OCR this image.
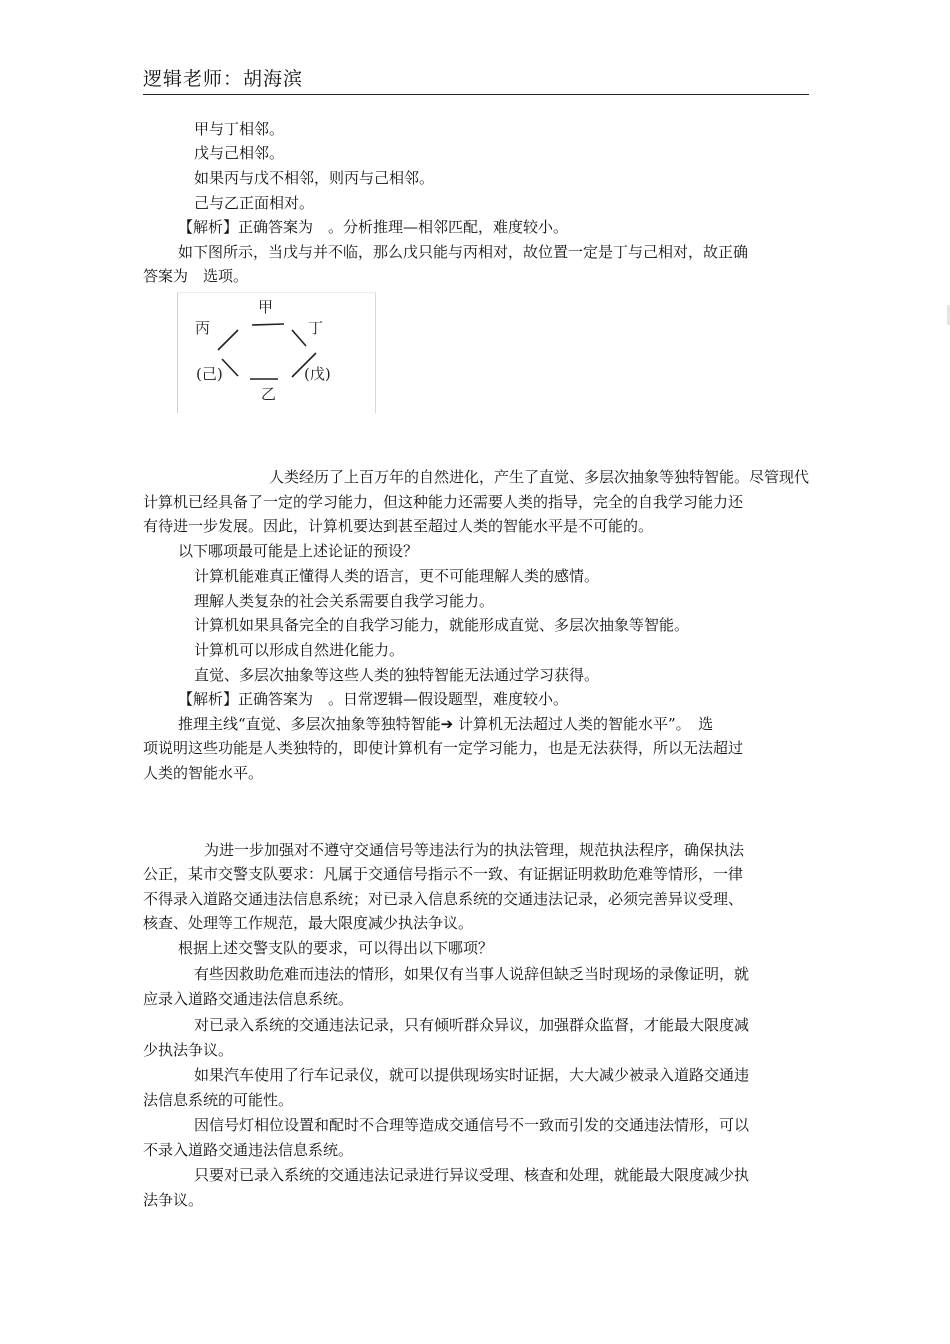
逻辑老师：胡海滨
甲与丁相邻。
戊与己相邻。
如果丙与戊不相邻，则丙与己相邻。
己与乙正面相对。
【解析】正确答案为　。分析推理—相邻匹配，难度较小。
如下图所示，当戊与并不临，那么戊只能与丙相对，故位置一定是丁与己相对，故正确
答案为　选项。
甲
丙	丁
(己)	(戊)
乙
人类经历了上百万年的自然进化，产生了直觉、多层次抽象等独特智能。尽管现代
计算机已经具备了一定的学习能力，但这种能力还需要人类的指导，完全的自我学习能力还
有待进一步发展。因此，计算机要达到甚至超过人类的智能水平是不可能的。
以下哪项最可能是上述论证的预设？
计算机能难真正懂得人类的语言，更不可能理解人类的感情。
理解人类复杂的社会关系需要自我学习能力。
计算机如果具备完全的自我学习能力，就能形成直觉、多层次抽象等智能。
计算机可以形成自然进化能力。
直觉、多层次抽象等这些人类的独特智能无法通过学习获得。
【解析】正确答案为　。日常逻辑—假设题型，难度较小。
推理主线“直觉、多层次抽象等独特智能➔ 计算机无法超过人类的智能水平”。　选
项说明这些功能是人类独特的，即使计算机有一定学习能力，也是无法获得，所以无法超过
人类的智能水平。
为进一步加强对不遵守交通信号等违法行为的执法管理，规范执法程序，确保执法
公正，某市交警支队要求：凡属于交通信号指示不一致、有证据证明救助危难等情形，一律
不得录入道路交通违法信息系统；对已录入信息系统的交通违法记录，必须完善异议受理、
核查、处理等工作规范，最大限度减少执法争议。
根据上述交警支队的要求，可以得出以下哪项？
有些因救助危难而违法的情形，如果仅有当事人说辞但缺乏当时现场的录像证明，就
应录入道路交通违法信息系统。
对已录入系统的交通违法记录，只有倾听群众异议，加强群众监督，才能最大限度减
少执法争议。
如果汽车使用了行车记录仪，就可以提供现场实时证据，大大减少被录入道路交通违
法信息系统的可能性。
因信号灯相位设置和配时不合理等造成交通信号不一致而引发的交通违法情形，可以
不录入道路交通违法信息系统。
只要对已录入系统的交通违法记录进行异议受理、核查和处理，就能最大限度减少执
法争议。
